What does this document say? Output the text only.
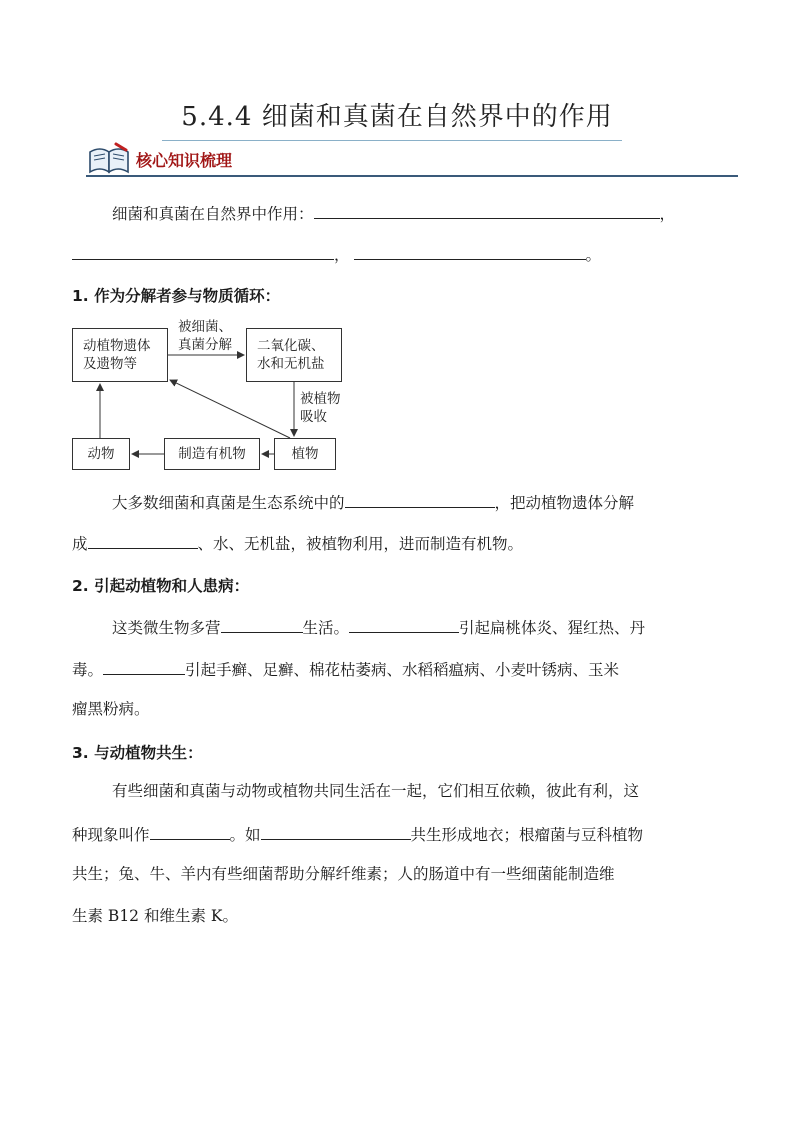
5.4.4 细菌和真菌在自然界中的作用
核心知识梳理
细菌和真菌在自然界中作用：	，
，	。
1. 作为分解者参与物质循环：
动植物遗体
及遗物等
二氧化碳、
水和无机盐
动物	制造有机物	植物
被细菌、
真菌分解
被植物
吸收
大多数细菌和真菌是生态系统中的	，把动植物遗体分解
成	、水、无机盐，被植物利用，进而制造有机物。
2. 引起动植物和人患病：
这类微生物多营	生活。	引起扁桃体炎、猩红热、丹
毒。	引起手癣、足癣、棉花枯萎病、水稻稻瘟病、小麦叶锈病、玉米
瘤黑粉病。
3. 与动植物共生：
有些细菌和真菌与动物或植物共同生活在一起，它们相互依赖，彼此有利，这
种现象叫作	。如	共生形成地衣；根瘤菌与豆科植物
共生；兔、牛、羊内有些细菌帮助分解纤维素；人的肠道中有一些细菌能制造维
生素 B12 和维生素 K。
